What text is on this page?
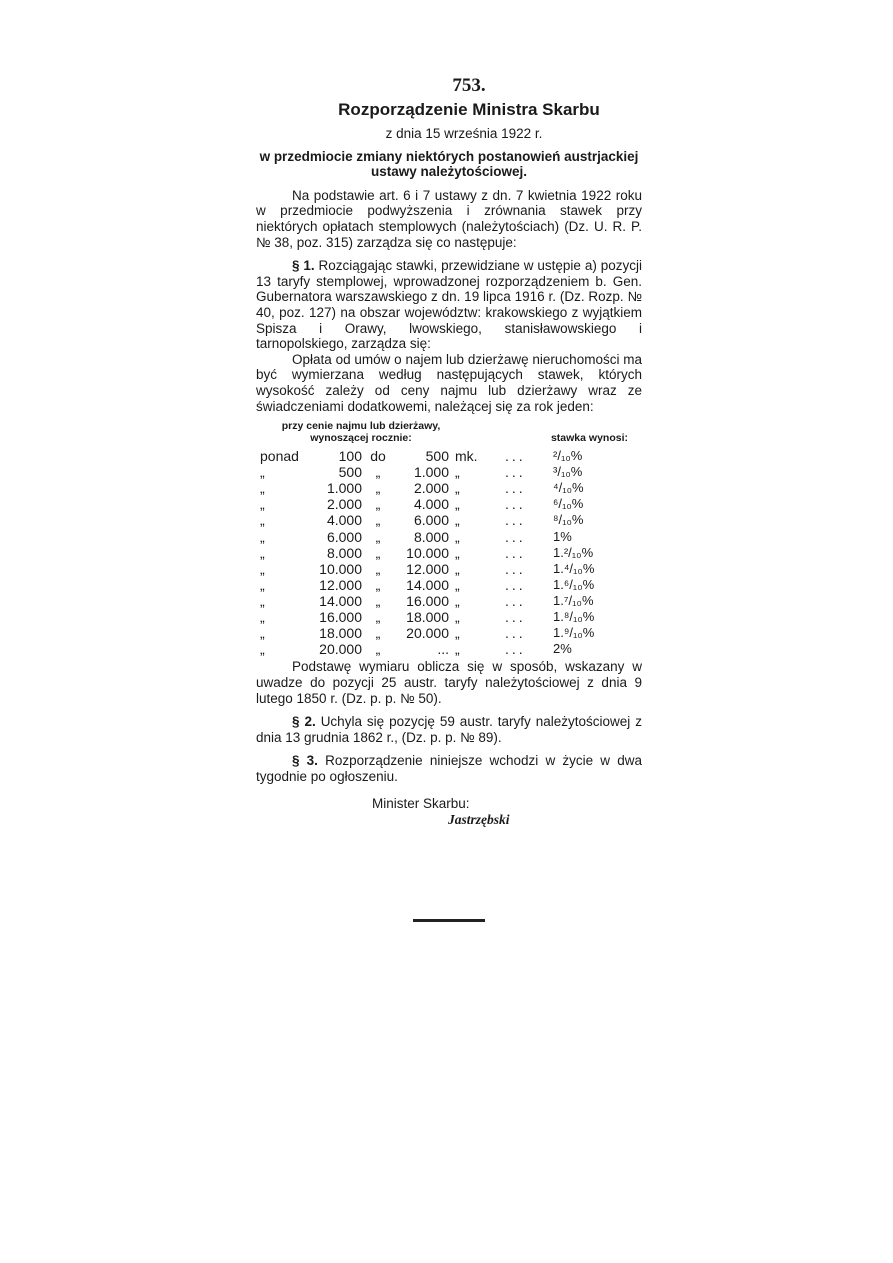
753.
Rozporządzenie Ministra Skarbu
z dnia 15 września 1922 r.
w przedmiocie zmiany niektórych postanowień austrjackiej ustawy należytościowej.

Na podstawie art. 6 i 7 ustawy z dn. 7 kwietnia 1922 roku w przedmiocie podwyższenia i zrównania stawek przy niektórych opłatach stemplowych (należytościach) (Dz. U. R. P. № 38, poz. 315) zarządza się co następuje:

§ 1. Rozciągając stawki, przewidziane w ustępie a) pozycji 13 taryfy stemplowej, wprowadzonej rozporządzeniem b. Gen. Gubernatora warszawskiego z dn. 19 lipca 1916 r. (Dz. Rozp. № 40, poz. 127) na obszar województw: krakowskiego z wyjątkiem Spisza i Orawy, lwowskiego, stanisławowskiego i tarnopolskiego, zarządza się:

Opłata od umów o najem lub dzierżawę nieruchomości ma być wymierzana według następujących stawek, których wysokość zależy od ceny najmu lub dzierżawy wraz ze świadczeniami dodatkowemi, należącej się za rok jeden:

przy cenie najmu lub dzierżawy, wynoszącej rocznie:	stawka wynosi:
ponad	100	do	500	mk.	...	²/₁₀%
„	500	„	1.000	„	...	³/₁₀%
„	1.000	„	2.000	„	...	⁴/₁₀%
„	2.000	„	4.000	„	...	⁶/₁₀%
„	4.000	„	6.000	„	...	⁸/₁₀%
„	6.000	„	8.000	„	...	1%
„	8.000	„	10.000	„	...	1.²/₁₀%
„	10.000	„	12.000	„	...	1.⁴/₁₀%
„	12.000	„	14.000	„	...	1.⁶/₁₀%
„	14.000	„	16.000	„	...	1.⁷/₁₀%
„	16.000	„	18.000	„	...	1.⁸/₁₀%
„	18.000	„	20.000	„	...	1.⁹/₁₀%
„	20.000	„	...	„	...	2%

Podstawę wymiaru oblicza się w sposób, wskazany w uwadze do pozycji 25 austr. taryfy należytościowej z dnia 9 lutego 1850 r. (Dz. p. p. № 50).

§ 2. Uchyla się pozycję 59 austr. taryfy należytościowej z dnia 13 grudnia 1862 r., (Dz. p. p. № 89).

§ 3. Rozporządzenie niniejsze wchodzi w życie w dwa tygodnie po ogłoszeniu.

Minister Skarbu:
Jastrzębski
